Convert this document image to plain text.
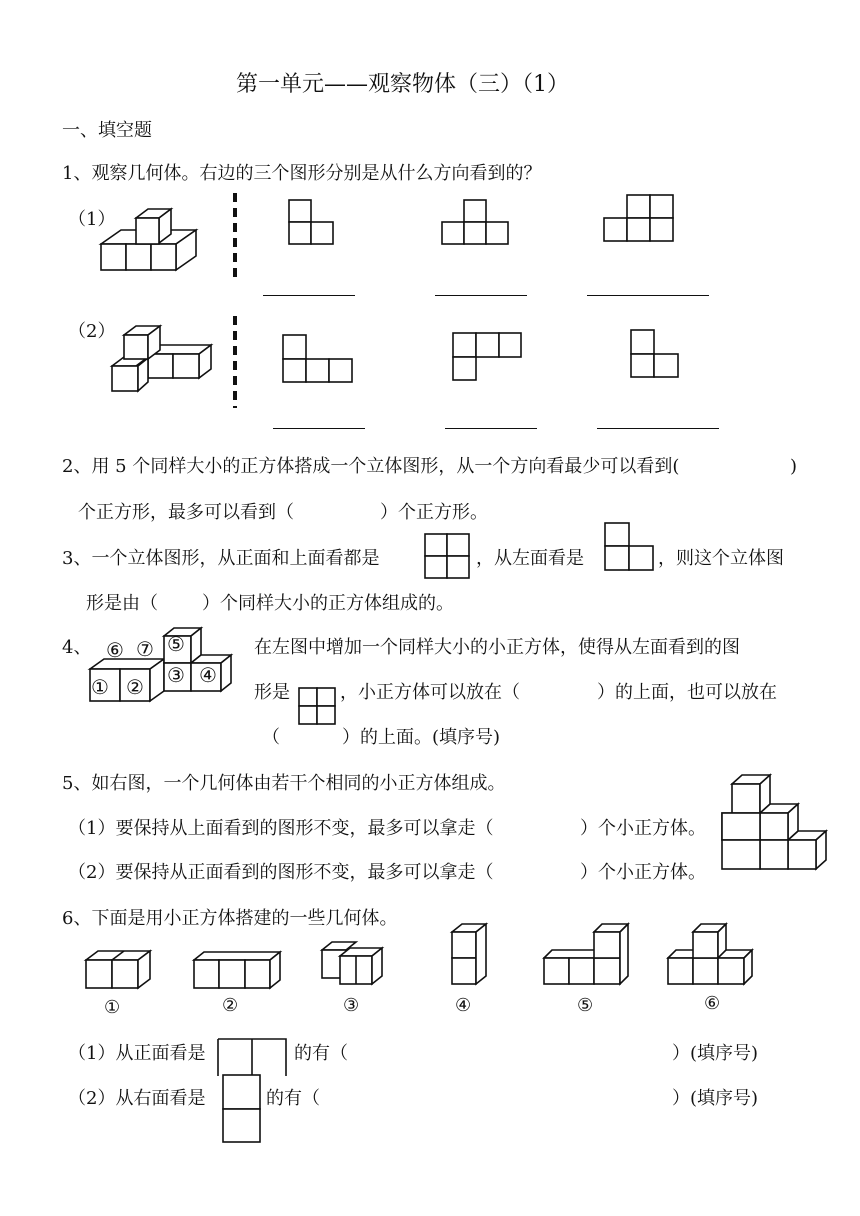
第一单元——观察物体（三）（1）
一、填空题
1、观察几何体。右边的三个图形分别是从什么方向看到的？
（1）
（2）
2、用 5 个同样大小的正方体搭成一个立体图形，从一个方向看最少可以看到(	)
个正方形，最多可以看到（	）个正方形。
3、一个立体图形，从正面和上面看都是	，从左面看是	，则这个立体图
形是由（ ）个同样大小的正方体组成的。
4、 ⑥ ⑦ ⑤
① ② ③ ④
在左图中增加一个同样大小的小正方体，使得从左面看到的图
形是	，小正方体可以放在（	）的上面，也可以放在
（	）的上面。(填序号)
5、如右图，一个几何体由若干个相同的小正方体组成。
（1）要保持从上面看到的图形不变，最多可以拿走（	）个小正方体。
（2）要保持从正面看到的图形不变，最多可以拿走（	）个小正方体。
6、下面是用小正方体搭建的一些几何体。
①	②	③	④	⑤	⑥
（1）从正面看是	的有（	）(填序号)
（2）从右面看是	的有（	）(填序号)
